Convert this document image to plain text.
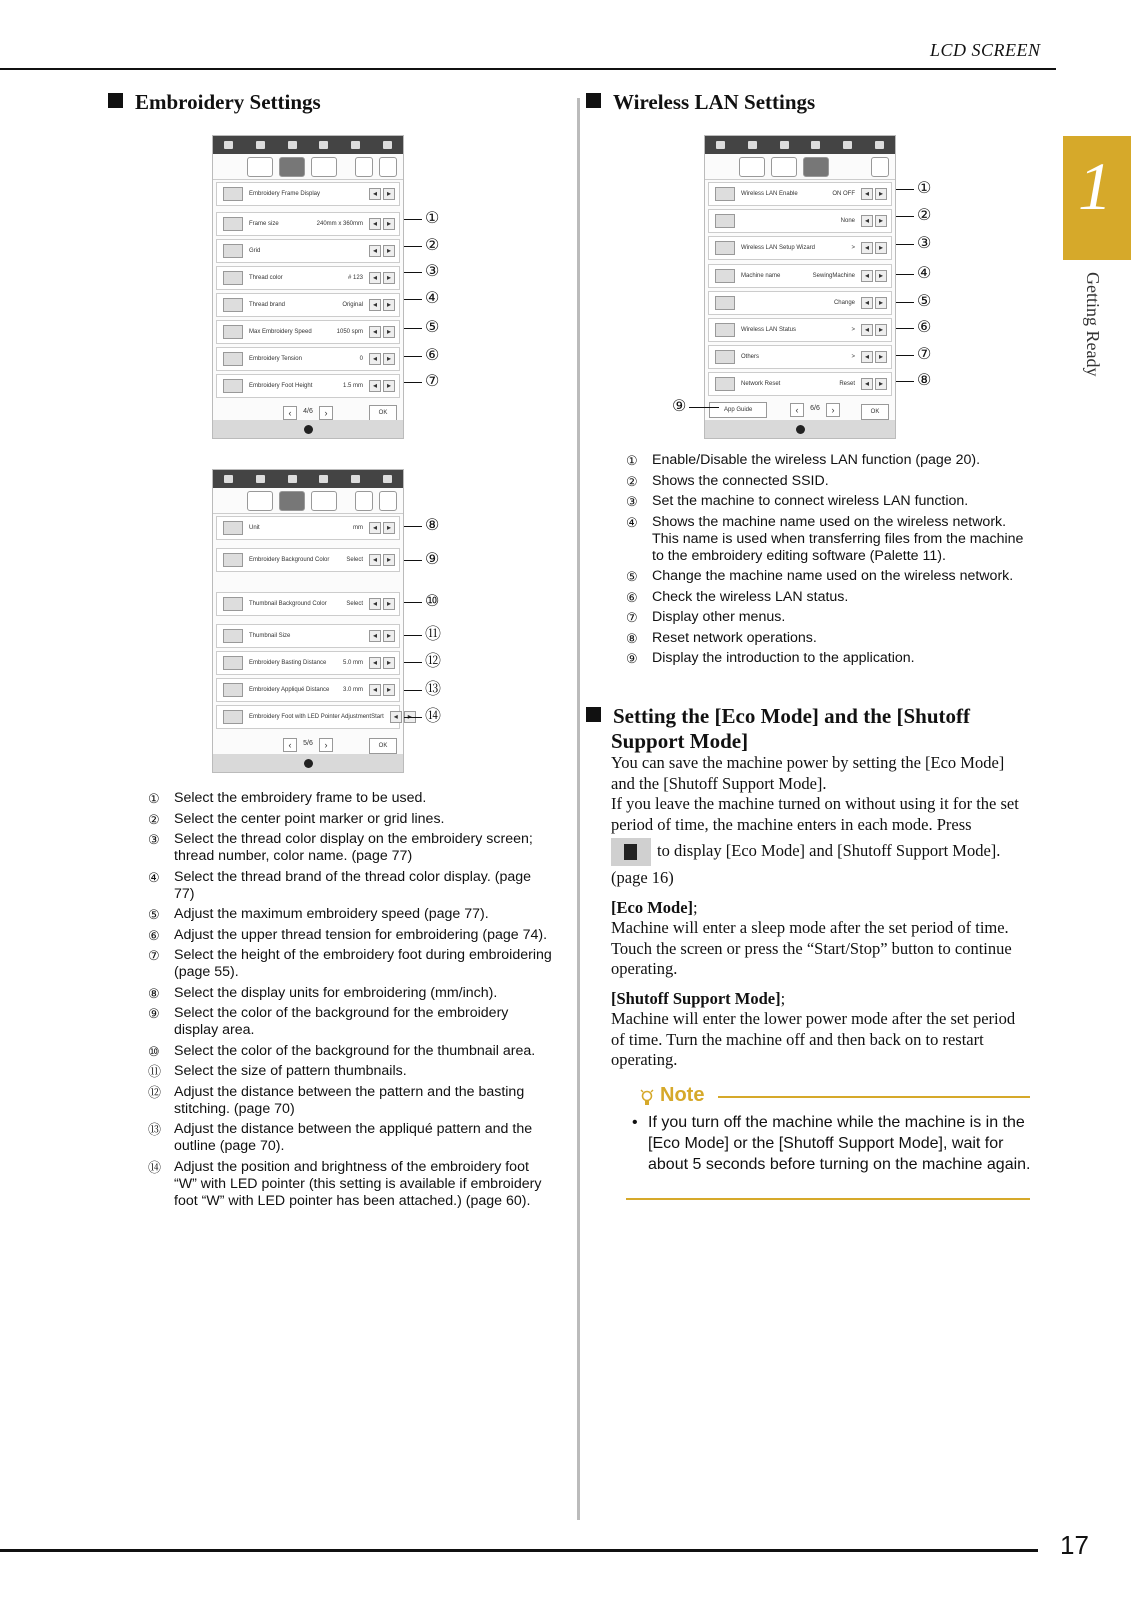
LCD SCREEN
1
Getting Ready
Embroidery Settings
Embroidery Frame Display	◂	▸
Frame size	240mm x 360mm	◂	▸
Grid	◂	▸
Thread color	# 123	◂	▸
Thread brand	Original	◂	▸
Max Embroidery Speed	1050 spm	◂	▸
Embroidery Tension	0	◂	▸
Embroidery Foot Height	1.5 mm	◂	▸
‹	4/6	›	OK
①
②
③
④
⑤
⑥
⑦
Unit	mm	◂	▸
Embroidery Background Color	Select	◂	▸
Thumbnail Background Color	Select	◂	▸
Thumbnail Size	◂	▸
Embroidery Basting Distance	5.0 mm	◂	▸
Embroidery Appliqué Distance	3.0 mm	◂	▸
Embroidery Foot with LED Pointer Adjustment Start	◂
‹	5/6	›	OK
⑧
⑨
⑩
⑪
⑫
⑬
⑭
①	Select the embroidery frame to be used.
②	Select the center point marker or grid lines.
③	Select the thread color display on the embroidery screen; thread number, color name. (page 77)
④	Select the thread brand of the thread color display. (page 77)
⑤	Adjust the maximum embroidery speed (page 77).
⑥	Adjust the upper thread tension for embroidering (page 74).
⑦	Select the height of the embroidery foot during embroidering (page 55).
⑧	Select the display units for embroidering (mm/inch).
⑨	Select the color of the background for the embroidery display area.
⑩	Select the color of the background for the thumbnail area.
⑪ Select the size of pattern thumbnails.
⑫ Adjust the distance between the pattern and the basting stitching. (page 70)
⑬ Adjust the distance between the appliqué pattern and the outline (page 70).
⑭ Adjust the position and brightness of the embroidery foot “W” with LED pointer (this setting is available if embroidery foot “W” with LED pointer has been attached.) (page 60).
Wireless LAN Settings
Wireless LAN Enable	ON OFF	◂	▸
None	◂	▸
Wireless LAN Setup Wizard	>	◂	▸
Machine name	SewingMachine	◂	▸
Change	◂	▸
Wireless LAN Status	>	◂	▸
Others	>	◂	▸
Network Reset	Reset	◂	▸
App Guide	‹	6/6	›	OK
①
②
③
④
⑤
⑥
⑦
⑧
⑨
①	Enable/Disable the wireless LAN function (page 20).
②	Shows the connected SSID.
③	Set the machine to connect wireless LAN function.
④	Shows the machine name used on the wireless network. This name is used when transferring files from the machine to the embroidery editing software (Palette 11).
⑤	Change the machine name used on the wireless network.
⑥	Check the wireless LAN status.
⑦	Display other menus.
⑧	Reset network operations.
⑨	Display the introduction to the application.
Setting the [Eco Mode] and the [Shutoff
Support Mode]
You can save the machine power by setting the [Eco Mode] and the [Shutoff Support Mode].
If you leave the machine turned on without using it for the set period of time, the machine enters in each mode. Press
to display [Eco Mode] and [Shutoff Support Mode].
(page 16)
[Eco Mode];
Machine will enter a sleep mode after the set period of time. Touch the screen or press the “Start/Stop” button to continue operating.
[Shutoff Support Mode];
Machine will enter the lower power mode after the set period of time. Turn the machine off and then back on to restart operating.
Note
• If you turn off the machine while the machine is in the [Eco Mode] or the [Shutoff Support Mode], wait for about 5 seconds before turning on the machine again.
17
